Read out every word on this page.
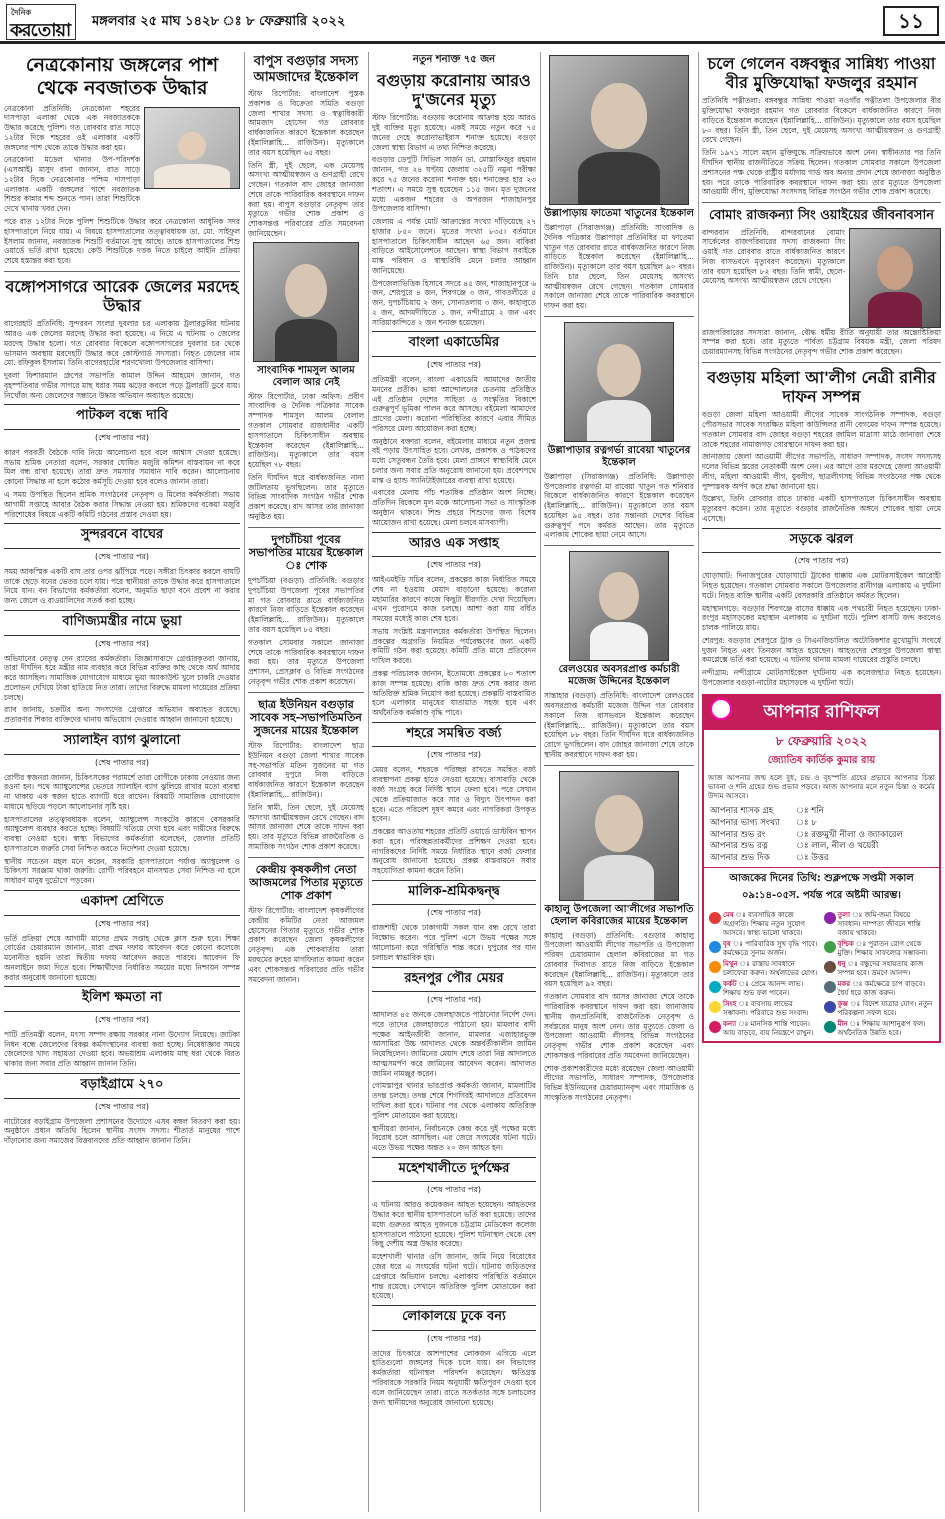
দৈনিক
করতোয়া মঙ্গলবার ২৫ মাঘ ১৪২৮ ঃ ৮ ফেব্রুয়ারি ২০২২	১১
নেত্রকোনায় জঙ্গলের পাশ থেকে নবজাতক উদ্ধার

নেত্রকোনা প্রতিনিধি: নেত্রকোনা শহরের দাসপাড়া এলাকা থেকে এক নবজাতককে উদ্ধার করেছে পুলিশ। গত রোববার রাত সাড়ে ১২টার দিকে শহরের ওই এলাকার একটি জঙ্গলের পাশ থেকে তাকে উদ্ধার করা হয়।

নেত্রকোনা মডেল থানার উপ-পরিদর্শক (এসআই) মাসুদ রানা জানান, রাত সাড়ে ১২টার দিকে নেত্রকোনার পশ্চিম দাসপাড়া এলাকার একটি জঙ্গলের পাশে নবজাতক শিশুর কান্নার শব্দ শুনতে পান। তারা শিশুটিকে দেখে থানায় খবর দেন।

পরে রাত ১২টার দিকে পুলিশ শিশুটিকে উদ্ধার করে নেত্রকোনা আধুনিক সদর হাসপাতালে নিয়ে যায়। এ বিষয়ে হাসপাতালের তত্ত্বাবধায়ক ডা. মো. সাইফুল ইসলাম জানান, নবজাতক শিশুটি বর্তমানে সুস্থ আছে। তাকে হাসপাতালের শিশু ওয়ার্ডে ভর্তি রাখা হয়েছে। কেউ শিশুটিকে দত্তক নিতে চাইলে আইনি প্রক্রিয়া শেষে হস্তান্তর করা হবে।

বঙ্গোপসাগরে আরেক জেলের মরদেহ উদ্ধার

বাগেরহাট প্রতিনিধি: সুন্দরবন সংলগ্ন দুবলার চর এলাকায় ট্রলারডুবির ঘটনায় আরও এক জেলের মরদেহ উদ্ধার করা হয়েছে। এ নিয়ে এ ঘটনায় ৩ জেলের মরদেহ উদ্ধার হলো। গত রোববার বিকেলে বঙ্গোপসাগরের দুবলার চর থেকে ভাসমান অবস্থায় মরদেহটি উদ্ধার করে কোস্টগার্ড সদস্যরা। নিহত জেলের নাম মো. রফিকুল ইসলাম। তিনি বাগেরহাটের শরণখোলা উপজেলার বাসিন্দা।

দুবলা ফিশারম্যান গ্রুপের সভাপতি কামাল উদ্দিন আহমেদ জানান, গত বৃহস্পতিবার গভীর সাগরে মাছ ধরার সময় ঝড়ের কবলে পড়ে ট্রলারটি ডুবে যায়। নিখোঁজ অন্য জেলেদের সন্ধানে উদ্ধার অভিযান অব্যাহত রয়েছে।

পাটকল বন্ধে দাবি
(শেষ পাতার পর)

কারণ পরবর্তী বৈঠকে দাবি নিয়ে আলোচনা হবে বলে আশ্বাস দেওয়া হয়েছে। সভায় শ্রমিক নেতারা বলেন, সরকার ঘোষিত মজুরি কমিশন বাস্তবায়ন না করে মিল বন্ধ রাখা হয়েছে। তারা দ্রুত সমস্যার সমাধান দাবি করেন। আলোচনায় কোনো সিদ্ধান্ত না হলে কঠোর কর্মসূচি দেওয়া হবে বলেও জানান তারা।

এ সময় উপস্থিত ছিলেন শ্রমিক সংগঠনের নেতৃবৃন্দ ও মিলের কর্মকর্তারা। সভায় আগামী সপ্তাহে আবার বৈঠক করার সিদ্ধান্ত নেওয়া হয়। শ্রমিকদের বকেয়া মজুরি পরিশোধের বিষয়ে একটি কমিটি গঠনের প্রস্তাব দেওয়া হয়।

সুন্দরবনে বাঘের
(শেষ পাতার পর)

সময় আকস্মিক একটি বাঘ তার ওপর ঝাঁপিয়ে পড়ে। সঙ্গীরা চিৎকার করলে বাঘটি তাকে ছেড়ে বনের ভেতর চলে যায়। পরে স্থানীয়রা তাকে উদ্ধার করে হাসপাতালে নিয়ে যান। বন বিভাগের কর্মকর্তারা বলেন, অনুমতি ছাড়া বনে প্রবেশ না করার জন্য জেলে ও বাওয়ালিদের সতর্ক করা হচ্ছে।

বাণিজ্যমন্ত্রীর নামে ভুয়া
(শেষ পাতার পর)

অভিযানের নেতৃত্ব দেন র‍্যাবের কর্মকর্তারা। জিজ্ঞাসাবাদে গ্রেপ্তারকৃতরা জানায়, তারা দীর্ঘদিন ধরে মন্ত্রীর নাম ব্যবহার করে বিভিন্ন ব্যক্তির কাছ থেকে অর্থ আদায় করে আসছিল। সামাজিক যোগাযোগ মাধ্যমে ভুয়া অ্যাকাউন্ট খুলে চাকরি দেওয়ার প্রলোভন দেখিয়ে টাকা হাতিয়ে নিত তারা। তাদের বিরুদ্ধে মামলা দায়েরের প্রক্রিয়া চলছে।

র‍্যাব জানায়, চক্রটির অন্য সদস্যদের গ্রেপ্তারে অভিযান অব্যাহত রয়েছে। প্রতারণার শিকার ব্যক্তিদের থানায় অভিযোগ দেওয়ার আহ্বান জানানো হয়েছে।

স্যালাইন ব্যাগ ঝুলানো
(শেষ পাতার পর)

রোগীর স্বজনরা জানান, চিকিৎসকের পরামর্শে তারা রোগীকে ঢাকায় নেওয়ার জন্য রওনা হন। পথে অ্যাম্বুলেন্সের ভেতরে স্যালাইন ব্যাগ ঝুলিয়ে রাখার মতো ব্যবস্থা না থাকায় এক স্বজন হাতে ব্যাগটি ধরে রাখেন। বিষয়টি সামাজিক যোগাযোগ মাধ্যমে ছড়িয়ে পড়লে আলোচনার সৃষ্টি হয়।

হাসপাতালের তত্ত্বাবধায়ক বলেন, অ্যাম্বুলেন্স সংকটের কারণে বেসরকারি অ্যাম্বুলেন্স ব্যবহার করতে হচ্ছে। বিষয়টি খতিয়ে দেখা হবে এবং দায়ীদের বিরুদ্ধে ব্যবস্থা নেওয়া হবে। স্বাস্থ্য বিভাগের কর্মকর্তারা বলেছেন, জেলার প্রতিটি হাসপাতালে জরুরি সেবা নিশ্চিত করতে নির্দেশনা দেওয়া হয়েছে।

স্থানীয় সচেতন মহল মনে করেন, সরকারি হাসপাতালে পর্যাপ্ত অ্যাম্বুলেন্স ও চিকিৎসা সরঞ্জাম থাকা জরুরি। রোগী পরিবহনে মানসম্মত সেবা নিশ্চিত না হলে সাধারণ মানুষ দুর্ভোগে পড়বেন।

একাদশ শ্রেণিতে
(শেষ পাতার পর)

ভর্তি প্রক্রিয়া শেষে আগামী মাসের প্রথম সপ্তাহ থেকে ক্লাস শুরু হবে। শিক্ষা বোর্ডের চেয়ারম্যান জানান, যারা প্রথম দফায় আবেদন করে কোনো কলেজে মনোনীত হয়নি তারা দ্বিতীয় দফায় আবেদন করতে পারবে। আবেদন ফি অনলাইনে জমা দিতে হবে। শিক্ষার্থীদের নির্ধারিত সময়ের মধ্যে নিশ্চায়ন সম্পন্ন করার অনুরোধ জানানো হয়েছে।

ইলিশ ক্ষমতা না
(শেষ পাতার পর)

পাটি প্রতিমন্ত্রী বলেন, মৎস্য সম্পদ রক্ষায় সরকার নানা উদ্যোগ নিয়েছে। জাটকা নিধন বন্ধে জেলেদের বিকল্প কর্মসংস্থানের ব্যবস্থা করা হচ্ছে। নিষেধাজ্ঞার সময়ে জেলেদের খাদ্য সহায়তা দেওয়া হবে। অভয়াশ্রম এলাকায় মাছ ধরা থেকে বিরত থাকার জন্য সবার প্রতি আহ্বান জানান তিনি।

বড়াইগ্রামে ২৭০
(শেষ পাতার পর)

নাটোরের বড়াইগ্রাম উপজেলা প্রশাসনের উদ্যোগে এসব কম্বল বিতরণ করা হয়। অনুষ্ঠানে প্রধান অতিথি ছিলেন স্থানীয় সংসদ সদস্য। শীতার্ত মানুষের পাশে দাঁড়ানোর জন্য সমাজের বিত্তবানদের প্রতি আহ্বান জানান তিনি।

বাপুস বগুড়ার সদস্য আমজাদের ইন্তেকাল

স্টাফ রিপোর্টার: বাংলাদেশ পুস্তক প্রকাশক ও বিক্রেতা সমিতি বগুড়া জেলা শাখার সদস্য ও স্বত্বাধিকারী আমজাদ হোসেন গত রোববার বার্ধক্যজনিত কারণে ইন্তেকাল করেছেন (ইন্নালিল্লাহি... রাজিউন)। মৃত্যুকালে তার বয়স হয়েছিল ৬৫ বছর।

তিনি স্ত্রী, দুই ছেলে, এক মেয়েসহ অসংখ্য আত্মীয়স্বজন ও গুণগ্রাহী রেখে গেছেন। গতকাল বাদ জোহর জানাজা শেষে তাকে পারিবারিক কবরস্থানে দাফন করা হয়। বাপুস বগুড়ার নেতৃবৃন্দ তার মৃত্যুতে গভীর শোক প্রকাশ ও শোকসন্তপ্ত পরিবারের প্রতি সমবেদনা জানিয়েছেন।

সাংবাদিক শামসুল আলম বেলাল আর নেই

স্টাফ রিপোর্টার, ঢাকা অফিস: প্রবীণ সাংবাদিক ও দৈনিক পত্রিকার সাবেক সম্পাদক শামসুল আলম বেলাল গতকাল সোমবার রাজধানীর একটি হাসপাতালে চিকিৎসাধীন অবস্থায় ইন্তেকাল করেছেন (ইন্নালিল্লাহি... রাজিউন)। মৃত্যুকালে তার বয়স হয়েছিল ৭৮ বছর।

তিনি দীর্ঘদিন ধরে বার্ধক্যজনিত নানা জটিলতায় ভুগছিলেন। তার মৃত্যুতে বিভিন্ন সাংবাদিক সংগঠন গভীর শোক প্রকাশ করেছে। বাদ আসর তার জানাজা অনুষ্ঠিত হয়।

দুপচাঁচিয়া পূবের সভাপতির মায়ের ইন্তেকাল ঃ শোক

দুপচাঁচিয়া (বগুড়া) প্রতিনিধি: বগুড়ার দুপচাঁচিয়া উপজেলা পূবের সভাপতির মা গত রোববার রাতে বার্ধক্যজনিত কারণে নিজ বাড়িতে ইন্তেকাল করেছেন (ইন্নালিল্লাহি... রাজিউন)। মৃত্যুকালে তার বয়স হয়েছিল ৮৫ বছর।

গতকাল সোমবার সকালে জানাজা শেষে তাকে পারিবারিক কবরস্থানে দাফন করা হয়। তার মৃত্যুতে উপজেলা প্রশাসন, প্রেসক্লাব ও বিভিন্ন সংগঠনের নেতৃবৃন্দ গভীর শোক প্রকাশ করেছেন।

ছাত্র ইউনিয়ন বগুড়ার সাবেক সহ-সভাপতিমতিন সুজনের মায়ের ইন্তেকাল

স্টাফ রিপোর্টার: বাংলাদেশ ছাত্র ইউনিয়ন বগুড়া জেলা শাখার সাবেক সহ-সভাপতি মতিন সুজনের মা গত রোববার দুপুরে নিজ বাড়িতে বার্ধক্যজনিত কারণে ইন্তেকাল করেছেন (ইন্নালিল্লাহি... রাজিউন)।

তিনি স্বামী, তিন ছেলে, দুই মেয়েসহ অসংখ্য আত্মীয়স্বজন রেখে গেছেন। বাদ আসর জানাজা শেষে তাকে দাফন করা হয়। তার মৃত্যুতে বিভিন্ন রাজনৈতিক ও সামাজিক সংগঠন শোক প্রকাশ করেছে।

কেন্দ্রীয় কৃষকলীগ নেতা আজমলের পিতার মৃত্যুতে শোক প্রকাশ

স্টাফ রিপোর্টার: বাংলাদেশ কৃষকলীগের কেন্দ্রীয় কমিটির নেতা আজমল হোসেনের পিতার মৃত্যুতে গভীর শোক প্রকাশ করেছেন জেলা কৃষকলীগের নেতৃবৃন্দ। এক শোকবার্তায় তারা মরহুমের রুহের মাগফিরাত কামনা করেন এবং শোকসন্তপ্ত পরিবারের প্রতি গভীর সমবেদনা জানান।

নতুন শনাক্ত ৭৫ জন
বগুড়ায় করোনায় আরও দু'জনের মৃত্যু

স্টাফ রিপোর্টার: বগুড়ায় করোনায় আক্রান্ত হয়ে আরও দুই ব্যক্তির মৃত্যু হয়েছে। একই সময়ে নতুন করে ৭৫ জনের দেহে করোনাভাইরাস শনাক্ত হয়েছে। বগুড়া জেলা স্বাস্থ্য বিভাগ এ তথ্য নিশ্চিত করেছে।

বগুড়ার ডেপুটি সিভিল সার্জন ডা. মোস্তাফিজুর রহমান জানান, গত ২৪ ঘণ্টায় জেলায় ৩২৫টি নমুনা পরীক্ষা করে ৭৫ জনের করোনা শনাক্ত হয়। শনাক্তের হার ২৩ শতাংশ। এ সময়ে সুস্থ হয়েছেন ১১৫ জন। মৃত দুজনের মধ্যে একজন শহরের ও অপরজন শাজাহানপুর উপজেলার বাসিন্দা।

জেলায় এ পর্যন্ত মোট আক্রান্তের সংখ্যা দাঁড়িয়েছে ২৭ হাজার ৮৫০ জনে। মৃতের সংখ্যা ৮৩৫। বর্তমানে হাসপাতালে চিকিৎসাধীন আছেন ৬৫ জন। বাকিরা বাড়িতে আইসোলেশনে আছেন। স্বাস্থ্য বিভাগ সবাইকে মাস্ক পরিধান ও স্বাস্থ্যবিধি মেনে চলার আহ্বান জানিয়েছে।

উপজেলাভিত্তিক হিসাবে সদরে ৪৫ জন, শাজাহানপুরে ৬ জন, শেরপুরে ৪ জন, শিবগঞ্জে ৩ জন, গাবতলীতে ৫ জন, দুপচাঁচিয়ায় ২ জন, সোনাতলায় ৩ জন, কাহালুতে ২ জন, আদমদীঘিতে ১ জন, নন্দীগ্রামে ২ জন এবং সারিয়াকান্দিতে ২ জন শনাক্ত হয়েছেন।

বাংলা একাডেমির
(শেষ পাতার পর)

প্রতিমন্ত্রী বলেন, বাংলা একাডেমি আমাদের জাতীয় মননের প্রতীক। ভাষা আন্দোলনের চেতনায় প্রতিষ্ঠিত এই প্রতিষ্ঠান দেশের সাহিত্য ও সংস্কৃতির বিকাশে গুরুত্বপূর্ণ ভূমিকা পালন করে আসছে। বইমেলা আমাদের প্রাণের মেলা। করোনা পরিস্থিতির কারণে এবার সীমিত পরিসরে মেলা আয়োজন করা হচ্ছে।

অনুষ্ঠানে বক্তারা বলেন, বইমেলার মাধ্যমে নতুন প্রজন্ম বই পড়ায় উৎসাহিত হবে। লেখক, প্রকাশক ও পাঠকদের মধ্যে সেতুবন্ধন তৈরি হবে। মেলা প্রাঙ্গণে স্বাস্থ্যবিধি মেনে চলার জন্য সবার প্রতি অনুরোধ জানানো হয়। প্রবেশপথে মাস্ক ও হ্যান্ড স্যানিটাইজারের ব্যবস্থা রাখা হয়েছে।

এবারের মেলায় পাঁচ শতাধিক প্রতিষ্ঠান অংশ নিচ্ছে। প্রতিদিন বিকেলে মূল মঞ্চে আলোচনা সভা ও সাংস্কৃতিক অনুষ্ঠান থাকবে। শিশু প্রহরে শিশুদের জন্য বিশেষ আয়োজন রাখা হয়েছে। মেলা চলবে মাসব্যাপী।

আরও এক সপ্তাহ
(শেষ পাতার পর)

আইএমইডি সচিব বলেন, প্রকল্পের কাজ নির্ধারিত সময়ে শেষ না হওয়ায় মেয়াদ বাড়ানো হয়েছে। করোনা মহামারির কারণে কাজে কিছুটা ধীরগতি দেখা দিয়েছিল। এখন পুরোদমে কাজ চলছে। আশা করা যায় বর্ধিত সময়ের মধ্যেই কাজ শেষ হবে।

সভায় সংশ্লিষ্ট মন্ত্রণালয়ের কর্মকর্তারা উপস্থিত ছিলেন। প্রকল্পের অগ্রগতি নিয়মিত পর্যবেক্ষণের জন্য একটি কমিটি গঠন করা হয়েছে। কমিটি প্রতি মাসে প্রতিবেদন দাখিল করবে।

প্রকল্প পরিচালক জানান, ইতোমধ্যে প্রকল্পের ৮০ শতাংশ কাজ সম্পন্ন হয়েছে। বাকি কাজ দ্রুত শেষ করার জন্য অতিরিক্ত শ্রমিক নিয়োগ করা হয়েছে। প্রকল্পটি বাস্তবায়িত হলে এলাকার মানুষের যাতায়াত সহজ হবে এবং অর্থনৈতিক কর্মকাণ্ড বৃদ্ধি পাবে।

শহরে সমন্বিত বর্জ্য
(শেষ পাতার পর)

মেয়র বলেন, শহরকে পরিচ্ছন্ন রাখতে সমন্বিত বর্জ্য ব্যবস্থাপনা প্রকল্প হাতে নেওয়া হয়েছে। বাসাবাড়ি থেকে বর্জ্য সংগ্রহ করে নির্দিষ্ট স্থানে ফেলা হবে। পরে সেখান থেকে প্রক্রিয়াজাত করে সার ও বিদ্যুৎ উৎপাদন করা হবে। এতে পরিবেশ দূষণ কমবে এবং নাগরিকরা উপকৃত হবেন।

প্রকল্পের আওতায় শহরের প্রতিটি ওয়ার্ডে ডাস্টবিন স্থাপন করা হবে। পরিচ্ছন্নতাকর্মীদের প্রশিক্ষণ দেওয়া হবে। নাগরিকদের নির্দিষ্ট সময়ে নির্ধারিত স্থানে বর্জ্য ফেলার অনুরোধ জানানো হয়েছে। প্রকল্প বাস্তবায়নে সবার সহযোগিতা কামনা করেন তিনি।

মালিক-শ্রমিকদ্বন্দ্ব
(শেষ পাতার পর)

রাজশাহী থেকে ঢাকাগামী সকল যান বন্ধ রেখে তারা বিক্ষোভ করেন। পরে পুলিশ এসে উভয় পক্ষের সঙ্গে আলোচনা করে পরিস্থিতি শান্ত করে। দুপুরের পর যান চলাচল স্বাভাবিক হয়।

রহনপুর পৌর মেয়র
(শেষ পাতার পর)

আদালত ৪৫ জনকে জেলহাজতে পাঠানোর নির্দেশ দেন। পরে তাদের জেলহাজতে পাঠানো হয়। মামলার বাদী পক্ষের আইনজীবী জানান, মামলার এজাহারভুক্ত আসামিরা উচ্চ আদালত থেকে অন্তর্বর্তীকালীন জামিন নিয়েছিলেন। জামিনের মেয়াদ শেষে তারা নিম্ন আদালতে আত্মসমর্পণ করে জামিনের আবেদন করেন। আদালত জামিন নামঞ্জুর করেন।

গোমস্তাপুর থানার ভারপ্রাপ্ত কর্মকর্তা জানান, মামলাটির তদন্ত চলছে। তদন্ত শেষে শিগগিরই আদালতে প্রতিবেদন দাখিল করা হবে। ঘটনার পর থেকে এলাকায় অতিরিক্ত পুলিশ মোতায়েন করা হয়েছে।

স্থানীয়রা জানান, নির্বাচনকে কেন্দ্র করে দুই পক্ষের মধ্যে বিরোধ চলে আসছিল। এর জেরে সংঘর্ষের ঘটনা ঘটে। এতে উভয় পক্ষের অন্তত ২০ জন আহত হন।

মহেশখালীতে দুর্পক্ষের
(শেষ পাতার পর)

এ ঘটনায় আরও কয়েকজন আহত হয়েছেন। আহতদের উদ্ধার করে স্থানীয় হাসপাতালে ভর্তি করা হয়েছে। তাদের মধ্যে গুরুতর আহত দুজনকে চট্টগ্রাম মেডিকেল কলেজ হাসপাতালে পাঠানো হয়েছে। পুলিশ ঘটনাস্থল থেকে বেশ কিছু দেশীয় অস্ত্র উদ্ধার করেছে।

মহেশখালী থানার ওসি জানান, জমি নিয়ে বিরোধের জের ধরে এ সংঘর্ষের ঘটনা ঘটে। ঘটনায় জড়িতদের গ্রেপ্তারে অভিযান চলছে। এলাকায় পরিস্থিতি বর্তমানে শান্ত রয়েছে। সেখানে অতিরিক্ত পুলিশ মোতায়েন করা হয়েছে।

লোকালয়ে ঢুকে বন্য
(শেষ পাতার পর)

তাদের চিৎকারে আশপাশের লোকজন এগিয়ে এলে হাতিগুলো জঙ্গলের দিকে চলে যায়। বন বিভাগের কর্মকর্তারা ঘটনাস্থল পরিদর্শন করেছেন। ক্ষতিগ্রস্ত পরিবারকে সরকারি নিয়ম অনুযায়ী ক্ষতিপূরণ দেওয়া হবে বলে জানিয়েছেন তারা। রাতে সতর্কতার সঙ্গে চলাচলের জন্য স্থানীয়দের অনুরোধ জানানো হয়েছে।

উল্লাপাড়ায় ফাতেমা খাতুনের ইন্তেকাল

উল্লাপাড়া (সিরাজগঞ্জ) প্রতিনিধি: সাংবাদিক ও দৈনিক পত্রিকার উল্লাপাড়া প্রতিনিধির মা ফাতেমা খাতুন গত রোববার রাতে বার্ধক্যজনিত কারণে নিজ বাড়িতে ইন্তেকাল করেছেন (ইন্নালিল্লাহি... রাজিউন)। মৃত্যুকালে তার বয়স হয়েছিল ৯০ বছর। তিনি চার ছেলে, তিন মেয়েসহ অসংখ্য আত্মীয়স্বজন রেখে গেছেন। গতকাল সোমবার সকালে জানাজা শেষে তাকে পারিবারিক কবরস্থানে দাফন করা হয়।

উল্লাপাড়ার রত্নগর্ভা রাবেয়া খাতুনের ইন্তেকাল

উল্লাপাড়া (সিরাজগঞ্জ) প্রতিনিধি: উল্লাপাড়া উপজেলার রত্নগর্ভা মা রাবেয়া খাতুন গত শনিবার বিকেলে বার্ধক্যজনিত কারণে ইন্তেকাল করেছেন (ইন্নালিল্লাহি... রাজিউন)। মৃত্যুকালে তার বয়স হয়েছিল ৯৫ বছর। তার সন্তানরা দেশের বিভিন্ন গুরুত্বপূর্ণ পদে কর্মরত আছেন। তার মৃত্যুতে এলাকায় শোকের ছায়া নেমে আসে।

রেলওয়ের অবসরপ্রাপ্ত কর্মচারী মজেজ উদ্দিনের ইন্তেকাল

সান্তাহার (বগুড়া) প্রতিনিধি: বাংলাদেশ রেলওয়ের অবসরপ্রাপ্ত কর্মচারী মজেজ উদ্দিন গত রোববার সকালে নিজ বাসভবনে ইন্তেকাল করেছেন (ইন্নালিল্লাহি... রাজিউন)। মৃত্যুকালে তার বয়স হয়েছিল ৮৮ বছর। তিনি দীর্ঘদিন ধরে বার্ধক্যজনিত রোগে ভুগছিলেন। বাদ জোহর জানাজা শেষে তাকে স্থানীয় কবরস্থানে দাফন করা হয়।

কাহালু উপজেলা আ'লীগের সভাপতি হেলাল কবিরাজের মায়ের ইন্তেকাল

কাহালু (বগুড়া) প্রতিনিধি: বগুড়ার কাহালু উপজেলা আওয়ামী লীগের সভাপতি ও উপজেলা পরিষদ চেয়ারম্যান হেলাল কবিরাজের মা গত রোববার দিবাগত রাতে নিজ বাড়িতে ইন্তেকাল করেছেন (ইন্নালিল্লাহি... রাজিউন)। মৃত্যুকালে তার বয়স হয়েছিল ৯২ বছর।

গতকাল সোমবার বাদ আসর জানাজা শেষে তাকে পারিবারিক কবরস্থানে দাফন করা হয়। জানাজায় স্থানীয় জনপ্রতিনিধি, রাজনৈতিক নেতৃবৃন্দ ও সর্বস্তরের মানুষ অংশ নেন। তার মৃত্যুতে জেলা ও উপজেলা আওয়ামী লীগসহ বিভিন্ন সংগঠনের নেতৃবৃন্দ গভীর শোক প্রকাশ করেছেন এবং শোকসন্তপ্ত পরিবারের প্রতি সমবেদনা জানিয়েছেন।

শোক প্রকাশকারীদের মধ্যে রয়েছেন জেলা আওয়ামী লীগের সভাপতি, সাধারণ সম্পাদক, উপজেলার বিভিন্ন ইউনিয়নের চেয়ারম্যানবৃন্দ এবং সামাজিক ও সাংস্কৃতিক সংগঠনের নেতৃবৃন্দ।

চলে গেলেন বঙ্গবন্ধুর সান্নিধ্য পাওয়া বীর মুক্তিযোদ্ধা ফজলুর রহমান

প্রতিনিধি পত্নীতলা: বঙ্গবন্ধুর সান্নিধ্য পাওয়া নওগাঁর পত্নীতলা উপজেলার বীর মুক্তিযোদ্ধা ফজলুর রহমান গত রোববার বিকেলে বার্ধক্যজনিত কারণে নিজ বাড়িতে ইন্তেকাল করেছেন (ইন্নালিল্লাহি... রাজিউন)। মৃত্যুকালে তার বয়স হয়েছিল ৮০ বছর। তিনি স্ত্রী, তিন ছেলে, দুই মেয়েসহ অসংখ্য আত্মীয়স্বজন ও গুণগ্রাহী রেখে গেছেন।

তিনি ১৯৭১ সালে মহান মুক্তিযুদ্ধে সক্রিয়ভাবে অংশ নেন। স্বাধীনতার পর তিনি দীর্ঘদিন স্থানীয় রাজনীতিতে সক্রিয় ছিলেন। গতকাল সোমবার সকালে উপজেলা প্রশাসনের পক্ষ থেকে রাষ্ট্রীয় মর্যাদায় গার্ড অব অনার প্রদান শেষে জানাজা অনুষ্ঠিত হয়। পরে তাকে পারিবারিক কবরস্থানে দাফন করা হয়। তার মৃত্যুতে উপজেলা আওয়ামী লীগ, মুক্তিযোদ্ধা সংসদসহ বিভিন্ন সংগঠন গভীর শোক প্রকাশ করেছে।

বোমাং রাজকন্যা সিং ওয়াইয়ের জীবনাবসান

বান্দরবান প্রতিনিধি: বান্দরবানের বোমাং সার্কেলের রাজপরিবারের সদস্য রাজকন্যা সিং ওয়াই গত রোববার রাতে বার্ধক্যজনিত কারণে নিজ বাসভবনে মৃত্যুবরণ করেছেন। মৃত্যুকালে তার বয়স হয়েছিল ৮২ বছর। তিনি স্বামী, ছেলে-মেয়েসহ অসংখ্য আত্মীয়স্বজন রেখে গেছেন।

রাজপরিবারের সদস্যরা জানান, বৌদ্ধ ধর্মীয় রীতি অনুযায়ী তার অন্ত্যেষ্টিক্রিয়া সম্পন্ন করা হবে। তার মৃত্যুতে পার্বত্য চট্টগ্রাম বিষয়ক মন্ত্রী, জেলা পরিষদ চেয়ারম্যানসহ বিভিন্ন সংগঠনের নেতৃবৃন্দ গভীর শোক প্রকাশ করেছেন।

বগুড়ায় মহিলা আ'লীগ নেত্রী রানীর দাফন সম্পন্ন

বগুড়া জেলা মহিলা আওয়ামী লীগের সাবেক সাংগঠনিক সম্পাদক, বগুড়া পৌরসভার সাবেক সংরক্ষিত মহিলা কাউন্সিলর রানী বেগমের দাফন সম্পন্ন হয়েছে। গতকাল সোমবার বাদ জোহর বগুড়া শহরের জামিল মাদ্রাসা মাঠে জানাজা শেষে তাকে শহরের নামাজগড় গোরস্থানে দাফন করা হয়।

জানাজায় জেলা আওয়ামী লীগের সভাপতি, সাধারণ সম্পাদক, সংসদ সদস্যসহ দলের বিভিন্ন স্তরের নেতাকর্মী অংশ নেন। এর আগে তার মরদেহে জেলা আওয়ামী লীগ, মহিলা আওয়ামী লীগ, যুবলীগ, ছাত্রলীগসহ বিভিন্ন সংগঠনের পক্ষ থেকে পুষ্পস্তবক অর্পণ করে শ্রদ্ধা জানানো হয়।

উল্লেখ্য, তিনি রোববার রাতে ঢাকার একটি হাসপাতালে চিকিৎসাধীন অবস্থায় মৃত্যুবরণ করেন। তার মৃত্যুতে বগুড়ার রাজনৈতিক অঙ্গনে শোকের ছায়া নেমে এসেছে।

সড়কে ঝরল
(শেষ পাতার পর)

ঘোড়াঘাট: দিনাজপুরের ঘোড়াঘাটে ট্রাকের ধাক্কায় এক মোটরসাইকেল আরোহী নিহত হয়েছেন। গতকাল সোমবার সকালে উপজেলার রানীগঞ্জ এলাকায় এ দুর্ঘটনা ঘটে। নিহত ব্যক্তি স্থানীয় একটি বেসরকারি প্রতিষ্ঠানে কর্মরত ছিলেন।

মহাস্থানগড়ে: বগুড়ার শিবগঞ্জে বাসের ধাক্কায় এক পথচারী নিহত হয়েছেন। ঢাকা-রংপুর মহাসড়কের মহাস্থান এলাকায় এ দুর্ঘটনা ঘটে। পুলিশ বাসটি জব্দ করলেও চালক পালিয়ে যায়।

শেরপুর: বগুড়ার শেরপুরে ট্রাক ও সিএনজিচালিত অটোরিকশার মুখোমুখি সংঘর্ষে দুজন নিহত এবং তিনজন আহত হয়েছেন। আহতদের শেরপুর উপজেলা স্বাস্থ্য কমপ্লেক্সে ভর্তি করা হয়েছে। এ ঘটনায় থানায় মামলা দায়েরের প্রস্তুতি চলছে।

নন্দীগ্রাম: নন্দীগ্রামে মোটরসাইকেল দুর্ঘটনায় এক কলেজছাত্র নিহত হয়েছেন। উপজেলার বগুড়া-নাটোর মহাসড়কে এ দুর্ঘটনা ঘটে।

আপনার রাশিফল
৮ ফেব্রুয়ারি ২০২২
জ্যোতিষ কার্তিক কুমার রায়

আজ আপনার জন্ম হলে বুধ, চন্দ্র ও বৃহস্পতি গ্রহের প্রভাবে আপনার চিন্তা ভাবনা ও শনি গ্রহের শুভ প্রভাব পড়বে। আজ আপনার মনে নতুন চিন্তা ও কর্মের উদ্যম আসবে।

আপনার শাসক গ্রহ	ঃ শনি
আপনার ভাগ্য সংখ্যা	ঃ ৮
আপনার শুভ রং	ঃ রক্তমুখী নীলা ও জ্যাকারেল
আপনার শুভ রত্ন	ঃ লাল, নীল ও খয়েরী
আপনার শুভ দিক	ঃ উত্তর
আজকের দিনের তিথি: শুক্লপক্ষে সপ্তমী সকাল ০৯:১৪-০৫স. পর্যন্ত পরে অষ্টমী আরম্ভ।
মেষ ঃ ব্যবসায়িক কাজে অগ্রগতি। শিক্ষায় নতুন সুযোগ আসবে। স্বাস্থ্য ভালো থাকবে।
তুলা ঃ জমি-জমা বিষয়ে সাবধান। দাম্পত্য জীবনে শান্তি বজায় থাকবে।
বৃষ ঃ পারিবারিক সুখ বৃদ্ধি পাবে। কর্মক্ষেত্রে সুনাম অর্জন।
বৃশ্চিক ঃ পুরাতন রোগ থেকে মুক্তি। শিক্ষায় সাফল্যের সম্ভাবনা।
মিথুন ঃ রাস্তায় সাবধানে চলাফেরা করুন। অর্থলাভের যোগ।
ধনু ঃ বন্ধুদের সহায়তায় কাজ সম্পন্ন হবে। ভ্রমণে আনন্দ।
কর্কট ঃ প্রেমে আনন্দ লাভ। শিক্ষায় শুভ ফল পাবেন।
মকর ঃ কর্মক্ষেত্রে চাপ বাড়বে। ধৈর্য ধরে কাজ করুন।
সিংহ ঃ ব্যবসায় লাভের সম্ভাবনা। পরিবারে শুভ সংবাদ।
কুম্ভ ঃ বিদেশ যাত্রার যোগ। নতুন পরিকল্পনা সফল হবে।
কন্যা ঃ মানসিক শান্তি পাবেন। আয় বাড়বে, ব্যয় নিয়ন্ত্রণে রাখুন।
মীন ঃ শিক্ষায় আশানুরূপ ফল। অর্থনৈতিক উন্নতি হবে।
